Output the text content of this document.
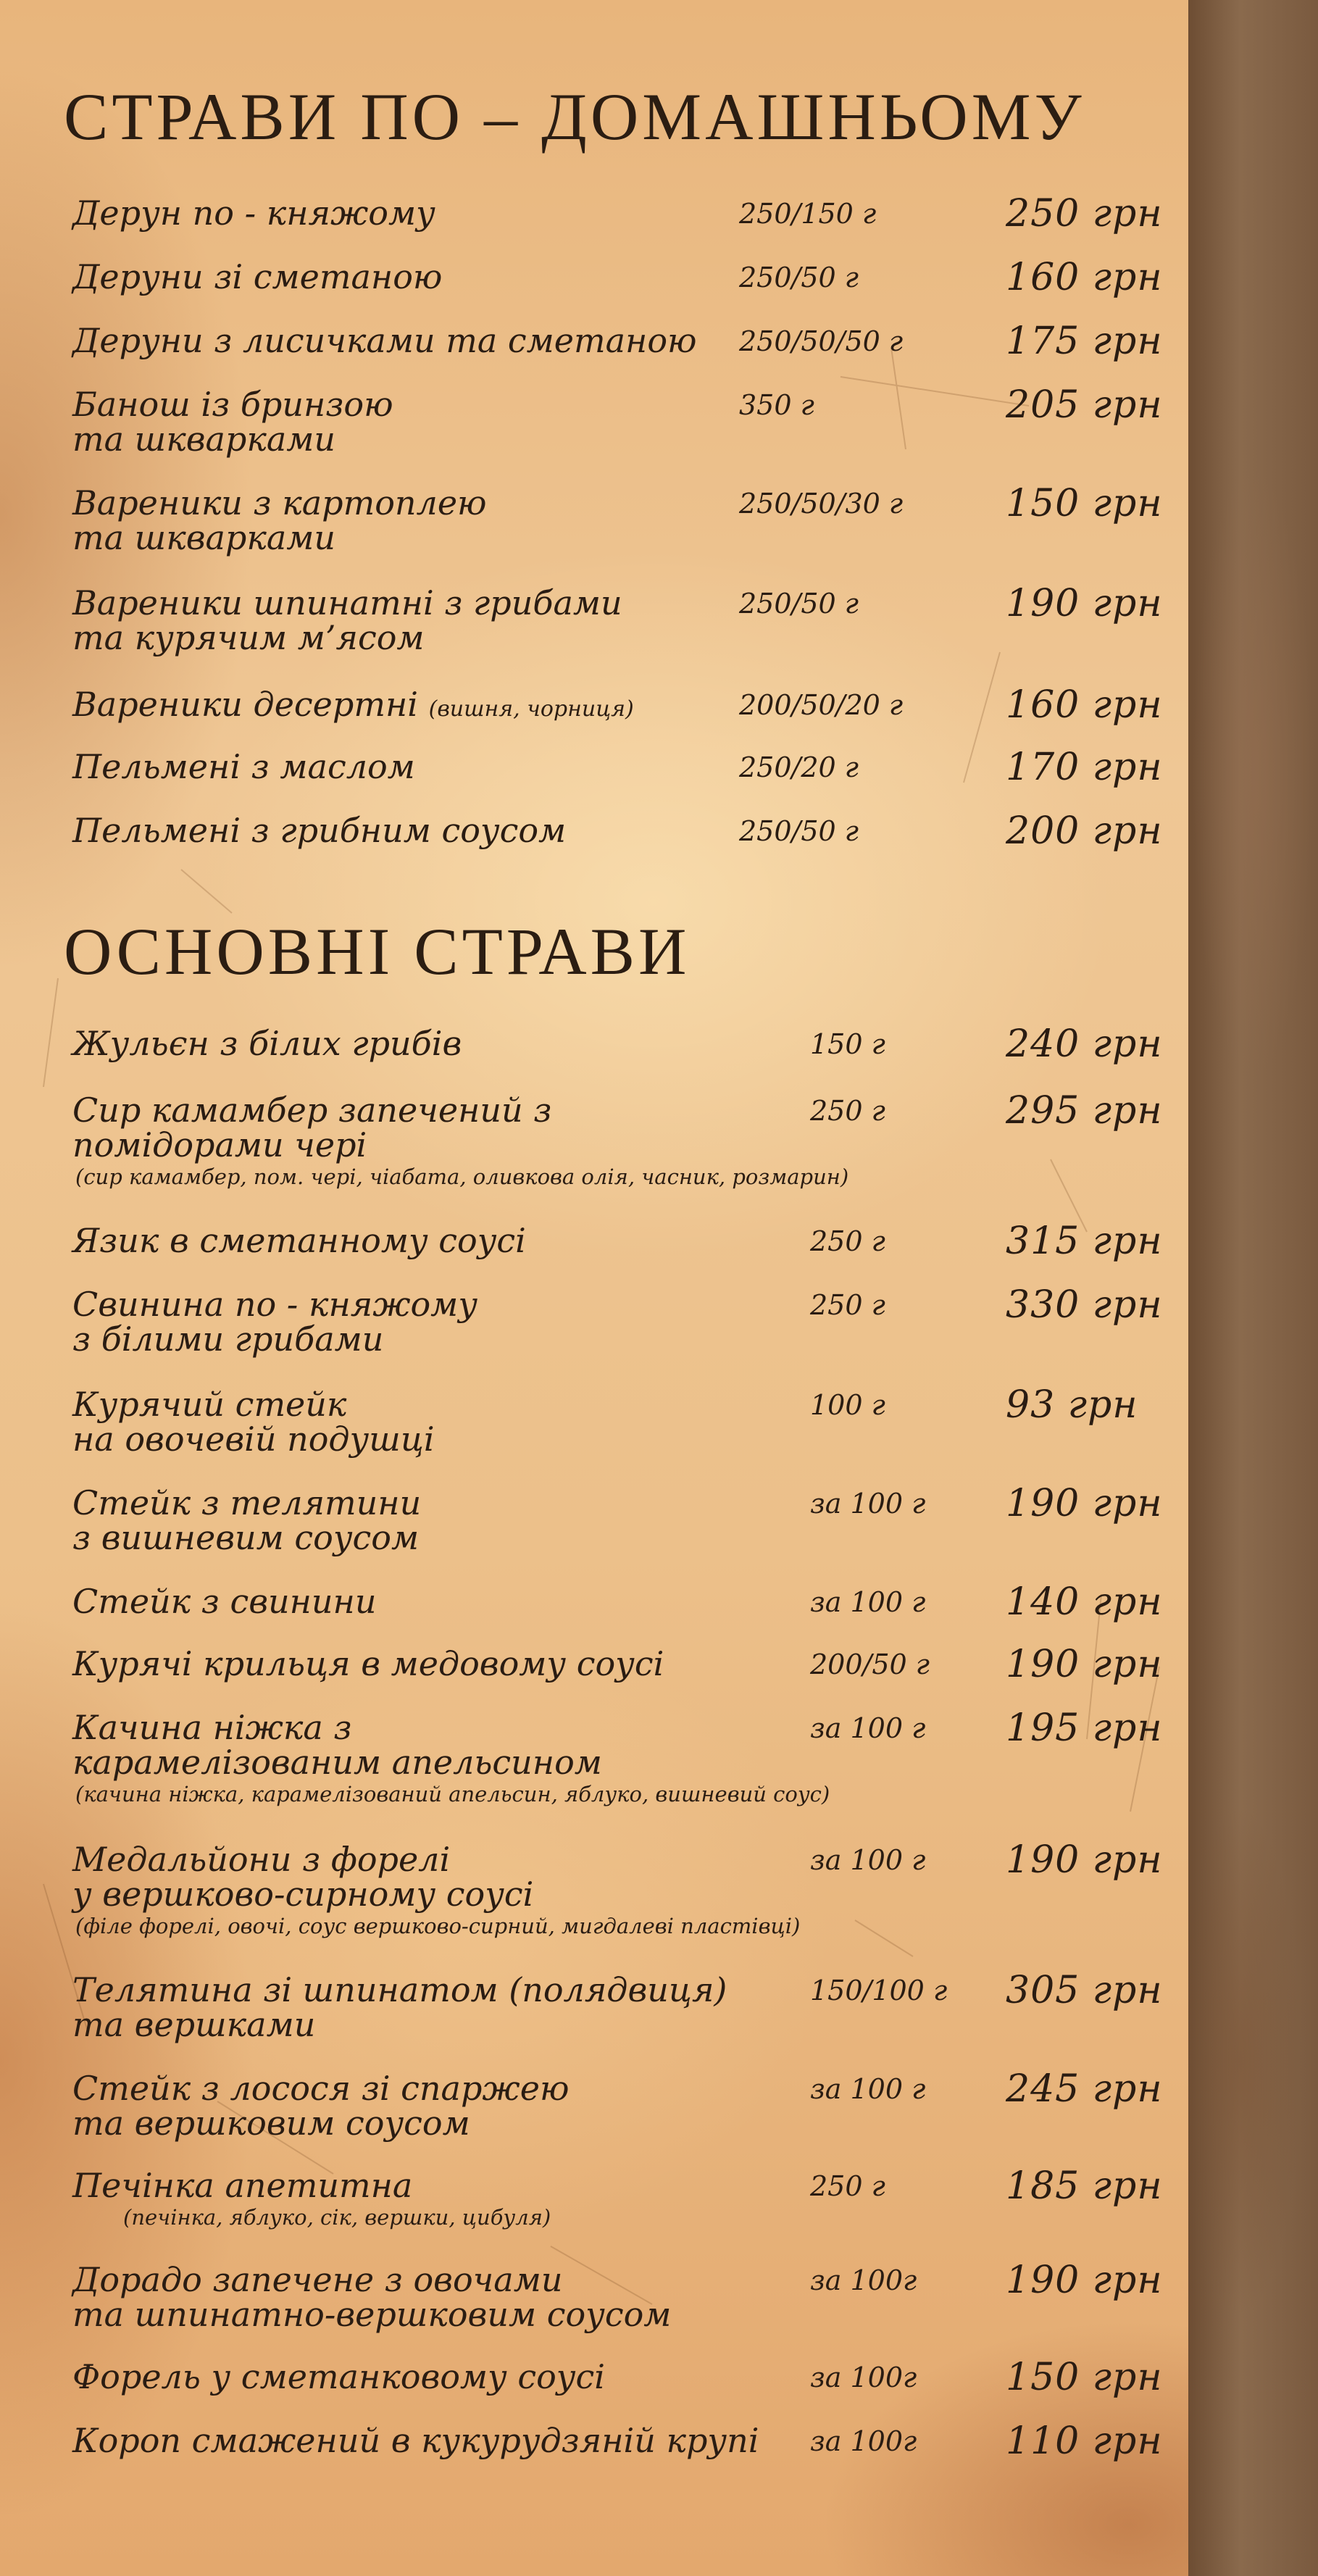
СТРАВИ ПО – ДОМАШНЬОМУ
Дерун по - княжому	250/150 г	250 грн
Деруни зі сметаною	250/50 г	160 грн
Деруни з лисичками та сметаною 250/50/50 г	175 грн
Банош із бринзою
та шкварками
350 г	205 грн
Вареники з картоплею
та шкварками
250/50/30 г	150 грн
Вареники шпинатні з грибами
та курячим м’ясом
250/50 г	190 грн
Вареники десертні (вишня, чорниця)	200/50/20 г	160 грн
Пельмені з маслом	250/20 г	170 грн
Пельмені з грибним соусом	250/50 г	200 грн
ОСНОВНІ СТРАВИ
Жульєн з білих грибів	150 г	240 грн
Сир камамбер запечений з
помідорами чері
(сир камамбер, пом. чері, чіабата, оливкова олія, часник, розмарин)
250 г	295 грн
Язик в сметанному соусі	250 г	315 грн
Свинина по - княжому
з білими грибами
250 г	330 грн
Курячий стейк
на овочевій подушці
100 г	93 грн
Стейк з телятини
з вишневим соусом
за 100 г 190 грн
Стейк з свинини	за 100 г 140 грн
Курячі крильця в медовому соусі	200/50 г 190 грн
Качина ніжка з
карамелізованим апельсином
(качина ніжка, карамелізований апельсин, яблуко, вишневий соус)
за 100 г 195 грн
Медальйони з форелі
у вершково-сирному соусі
(філе форелі, овочі, соус вершково-сирний, мигдалеві пластівці)
за 100 г 190 грн
Телятина зі шпинатом (полядвиця)
та вершками
150/100 г 305 грн
Стейк з лосося зі спаржею
та вершковим соусом
за 100 г 245 грн
Печінка апетитна
(печінка, яблуко, сік, вершки, цибуля)
250 г	185 грн
Дорадо запечене з овочами
та шпинатно-вершковим соусом
за 100г 190 грн
Форель у сметанковому соусі	за 100г 150 грн
Короп смажений в кукурудзяній крупі за 100г 110 грн
